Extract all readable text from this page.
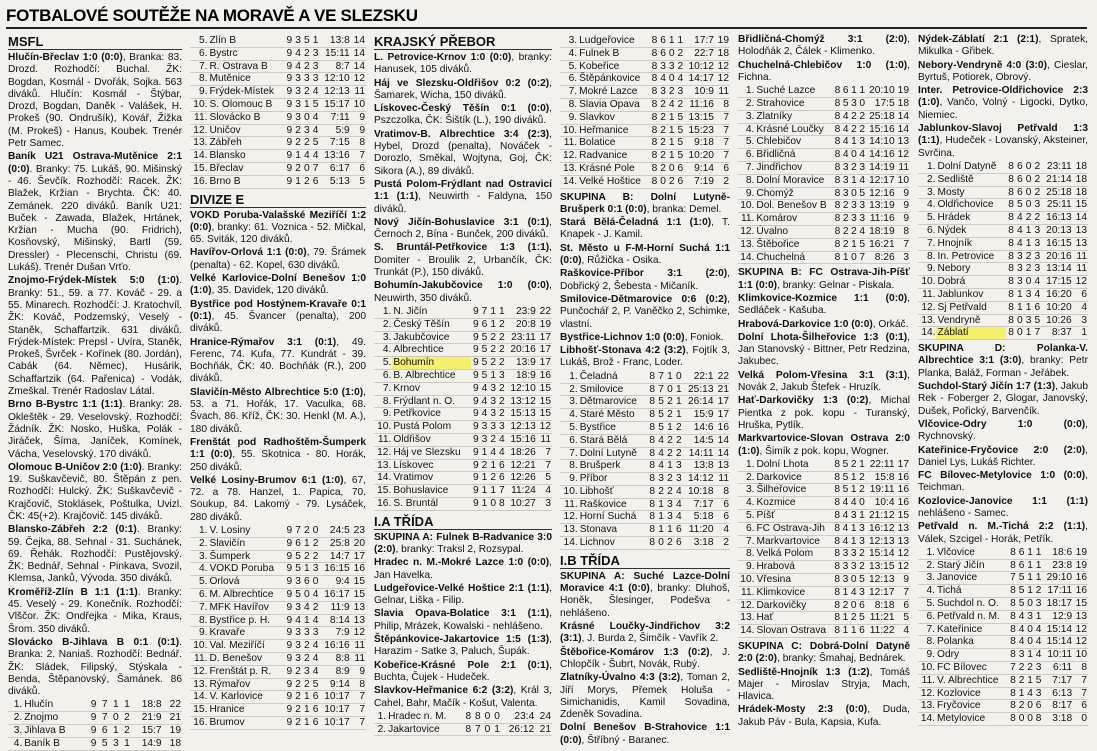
FOTBALOVÉ SOUTĚŽE NA MORAVĚ A VE SLEZSKU
MSFL

Hlučín-Břeclav 1:0 (0:0), Branka: 83. Drozd. Rozhodčí: Buchal. ŽK: Bogdan, Kosmál - Dvořák, Sojka. 563 diváků. Hlučín: Kosmál - Štýbar, Drozd, Bogdan, Daněk - Valášek, H. Prokeš (90. Ondrušík), Kovář, Žižka (M. Prokeš) - Hanus, Koubek. Trenér Petr Samec.

Baník U21 Ostrava-Mutěnice 2:1 (0:0). Branky: 75. Lukáš, 90. Mišinský - 46. Ševčík. Rozhodčí: Racek. ŽK: Blažek, Kržian - Brychta. ČK: 40. Zemánek. 220 diváků. Baník U21: Buček - Zawada, Blažek, Hrtánek, Kržian - Mucha (90. Fridrich), Kosňovský, Mišinský, Bartl (59. Dressler) - Plecenschi, Christu (69. Lukáš). Trenér Dušan Vrťo.

Znojmo-Frýdek-Místek 5:0 (1:0). Branky: 51., 59. a 77. Kováč - 29. a 55. Minarech. Rozhodčí: J. Kratochvíl. ŽK: Kováč, Podzemský, Veselý - Staněk, Schaffartzik. 631 diváků. Frýdek-Místek: Prepsl - Uvíra, Staněk, Prokeš, Švrček - Kořínek (80. Jordán), Cabák (64. Němec), Husárik, Schaffartzik (64. Pařenica) - Vodák, Zmeškal. Trenér Radoslav Látal.

Brno B-Bystrc 1:1 (1:1). Branky: 28. Okleštěk - 29. Veselovský. Rozhodčí: Žádník. ŽK: Nosko, Huška, Polák - Jiráček, Šíma, Janíček, Komínek, Vácha, Veselovský. 170 diváků.

Olomouc B-Uničov 2:0 (1:0). Branky: 19. Suškavčevič, 80. Štěpán z pen. Rozhodčí: Hulcký. ŽK: Suškavčevič - Krajčovič, Stoklásek, Poštulka, Uvizl. ČK: 45(+2). Krajčovič. 145 diváků.

Blansko-Zábřeh 2:2 (0:1). Branky: 59. Čejka, 88. Sehnal - 31. Suchánek, 69. Řehák. Rozhodčí: Pustějovský. ŽK: Bednář, Sehnal - Pinkava, Svozil, Klemsa, Janků, Vývoda. 350 diváků.

Kroměříž-Zlín B 1:1 (1:1). Branky: 45. Veselý - 29. Konečník. Rozhodčí: Vlščor. ŽK: Ondřejka - Mika, Kraus, Šrom. 350 diváků.

Slovácko B-Jihlava B 0:1 (0:1). Branka: 2. Naniaš. Rozhodčí: Bednář. ŽK: Sládek, Filipský, Stýskala - Benda, Štěpanovský, Šamánek. 86 diváků.

1.	Hlučín	9	7	1	1	18:8	22
2.	Znojmo	9	7	0	2	21:9	21
3.	Jihlava B	9	6	1	2	15:7	19
4.	Baník B	9	5	3	1	14:9	18
5.	Zlín B	9	3	5	1	13:8	14
6.	Bystrc	9	4	2	3	15:11	14
7.	R. Ostrava B	9	4	2	3	8:7	14
8.	Mutěnice	9	3	3	3	12:10	12
9.	Frýdek-Místek	9	3	2	4	12:13	11
10.	S. Olomouc B	9	3	1	5	15:17	10
11.	Slovácko B	9	3	0	4	7:11	9
12.	Uničov	9	2	3	4	5:9	9
13.	Zábřeh	9	2	2	5	7:15	8
14.	Blansko	9	1	4	4	13:16	7
15.	Břeclav	9	2	0	7	6:17	6
16.	Brno B	9	1	2	6	5:13	5
DIVIZE E

VOKD Poruba-Valašské Meziříčí 1:2 (0:0), branky: 61. Voznica - 52. Mičkal, 65. Sviták, 120 diváků.

Havířov-Orlová 1:1 (0:0), 79. Šrámek (penalta) - 62. Kopel, 630 diváků.

Velké Karlovice-Dolní Benešov 1:0 (1:0), 35. Davidek, 120 diváků.

Bystřice pod Hostýnem-Kravaře 0:1 (0:1), 45. Švancer (penalta), 200 diváků.

Hranice-Rýmařov 3:1 (0:1), 49. Ferenc, 74. Kufa, 77. Kundrát - 39. Bochňák, ČK: 40. Bochňák (R.), 200 diváků.

Slavičín-Město Albrechtice 5:0 (1:0), 53. a 71. Hořák, 17. Vaculka, 68. Švach, 86. Kříž, ČK: 30. Henkl (M. A.), 180 diváků.

Frenštát pod Radhoštěm-Šumperk 1:1 (0:0), 55. Skotnica - 80. Horák, 250 diváků.

Velké Losiny-Brumov 6:1 (1:0), 67, 72. a 78. Hanzel, 1. Papica, 70. Soukup, 84. Lakomý - 79. Lysáček, 280 diváků.

1.	V. Losiny	9	7	2	0	24:5	23
2.	Slavičín	9	6	1	2	25:8	20
3.	Šumperk	9	5	2	2	14:7	17
4.	VOKD Poruba	9	5	1	3	16:15	16
5.	Orlová	9	3	6	0	9:4	15
6.	M. Albrechtice	9	5	0	4	16:17	15
7.	MFK Havířov	9	3	4	2	11:9	13
8.	Bystřice p. H.	9	4	1	4	8:14	13
9.	Kravaře	9	3	3	3	7:9	12
10.	Val. Meziříčí	9	3	2	4	16:16	11
11.	D. Benešov	9	3	2	4	8:8	11
12.	Frenštát p. R.	9	2	3	4	8:9	9
13.	Rýmařov	9	2	2	5	9:14	8
14.	V. Karlovice	9	2	1	6	10:17	7
15.	Hranice	9	2	1	6	10:17	7
16.	Brumov	9	2	1	6	10:17	7
KRAJSKÝ PŘEBOR

L. Petrovice-Krnov 1:0 (0:0), branky: Hanusek, 105 diváků.

Háj ve Slezsku-Oldřišov 0:2 (0:2), Šamarek, Wicha, 150 diváků.

Lískovec-Český Těšín 0:1 (0:0), Pszczolka, ČK: Šištík (L.), 190 diváků.

Vratimov-B. Albrechtice 3:4 (2:3), Hybel, Drozd (penalta), Nováček - Dorozlo, Směkal, Wojtyna, Goj, ČK: Sikora (A.), 89 diváků.

Pustá Polom-Frýdlant nad Ostravicí 1:1 (1:1), Neuwirth - Faldyna, 150 diváků.

Nový Jičín-Bohuslavice 3:1 (0:1), Černoch 2, Bína - Bunček, 200 diváků.

S. Bruntál-Petřkovice 1:3 (1:1), Domiter - Broulik 2, Urbančík, ČK: Trunkát (P.), 150 diváků.

Bohumín-Jakubčovice 1:0 (0:0), Neuwirth, 350 diváků.

1.	N. Jičín	9	7	1	1	23:9	22
2.	Český Těšín	9	6	1	2	20:8	19
3.	Jakubčovice	9	5	2	2	23:11	17
4.	Albrechtice	9	5	2	2	20:16	17
5.	Bohumín	9	5	2	2	13:9	17
6.	B. Albrechtice	9	5	1	3	18:9	16
7.	Krnov	9	4	3	2	12:10	15
8.	Frýdlant n. O.	9	4	3	2	13:12	15
9.	Petřkovice	9	4	3	2	15:13	15
10.	Pustá Polom	9	3	3	3	12:13	12
11.	Oldřišov	9	3	2	4	15:16	11
12.	Háj ve Slezsku	9	1	4	4	18:26	7
13.	Lískovec	9	2	1	6	12:21	7
14.	Vratimov	9	1	2	6	12:26	5
15.	Bohuslavice	9	1	1	7	11:24	4
16.	S. Bruntál	9	1	0	8	10:27	3
I.A TŘÍDA

SKUPINA A: Fulnek B-Radvanice 3:0 (2:0), branky: Traksl 2, Rozsypal.

Hradec n. M.-Mokré Lazce 1:0 (0:0), Jan Havelka.

Ludgeřovice-Velké Hoštice 2:1 (1:1), Gelnar, Liška - Filip.

Slavia Opava-Bolatice 3:1 (1:1), Philip, Mrázek, Kowalski - nehlášeno.

Štěpánkovice-Jakartovice 1:5 (1:3), Harazim - Satke 3, Paluch, Šupák.

Kobeřice-Krásné Pole 2:1 (0:1), Buchta, Čujek - Hudeček.

Slavkov-Heřmanice 6:2 (3:2), Král 3, Cahel, Bahr, Mačík - Košut, Valenta.

1.	Hradec n. M.	8	8	0	0	23:4	24
2.	Jakartovice	8	7	0	1	26:12	21
3.	Ludgeřovice	8	6	1	1	17:7	19
4.	Fulnek B	8	6	0	2	22:7	18
5.	Kobeřice	8	3	3	2	10:12	12
6.	Štěpánkovice	8	4	0	4	14:17	12
7.	Mokré Lazce	8	3	2	3	10:9	11
8.	Slavia Opava	8	2	4	2	11:16	8
9.	Slavkov	8	2	1	5	13:15	7
10.	Heřmanice	8	2	1	5	15:23	7
11.	Bolatice	8	2	1	5	9:18	7
12.	Radvanice	8	2	1	5	10:20	7
13.	Krásné Pole	8	2	0	6	9:14	6
14.	Velké Hoštice	8	0	2	6	7:19	2

SKUPINA B: Dolní Lutyně-Brušperk 0:1 (0:0), branka: Demel.

Stará Bělá-Čeladná 1:1 (1:0), T. Knapek - J. Kamil.

St. Město u F-M-Horní Suchá 1:1 (0:0), Růžička - Osika.

Raškovice-Příbor 3:1 (2:0), Dobřický 2, Šebesta - Mičaník.

Smilovice-Dětmarovice 0:6 (0:2), Punčochář 2, P. Vaněčko 2, Schimke, vlastní.

Bystřice-Lichnov 1:0 (0:0), Foniok.

Libhošť-Stonava 4:2 (3:2), Fojtík 3, Lukáš, Brož - Franc, Loder.

1.	Čeladná	8	7	1	0	22:1	22
2.	Smilovice	8	7	0	1	25:13	21
3.	Dětmarovice	8	5	2	1	26:14	17
4.	Staré Město	8	5	2	1	15:9	17
5.	Bystřice	8	5	1	2	14:6	16
6.	Stará Bělá	8	4	2	2	14:5	14
7.	Dolní Lutyně	8	4	2	2	14:11	14
8.	Brušperk	8	4	1	3	13:8	13
9.	Příbor	8	3	2	3	14:12	11
10.	Libhošť	8	2	2	4	10:18	8
11.	Raškovice	8	1	3	4	7:17	6
12.	Horní Suchá	8	1	3	4	5:18	6
13.	Stonava	8	1	1	6	11:20	4
14.	Lichnov	8	0	2	6	3:18	2
I.B TŘÍDA

SKUPINA A: Suché Lazce-Dolní Moravice 4:1 (0:0), branky: Dluhoš, Honěk, Šlesinger, Podešva - nehlášeno.

Krásné Loučky-Jindřichov 3:2 (3:1), J. Burda 2, Šimčík - Vavřík 2.

Štěbořice-Komárov 1:3 (0:2), J. Chlopčík - Šubrt, Novák, Rubý.

Zlatníky-Úvalno 4:3 (3:2), Toman 2, Jiří Morys, Přemek Holuša - Simichanidis, Kamil Sovadina, Zdeněk Sovadina.

Dolní Benešov B-Strahovice 1:1 (0:0), Štříbný - Baranec.

Břidličná-Chomýž 3:1 (2:0), Holodňák 2, Čálek - Klimenko.

Chuchelná-Chlebičov 1:0 (1:0), Fichna.

1.	Suché Lazce	8	6	1	1	20:10	19
2.	Strahovice	8	5	3	0	17:5	18
3.	Zlatníky	8	4	2	2	25:18	14
4.	Krásné Loučky	8	4	2	2	15:16	14
5.	Chlebičov	8	4	1	3	14:10	13
6.	Břidličná	8	4	0	4	14:16	12
7.	Jindřichov	8	3	2	3	14:19	11
8.	Dolní Moravice	8	3	1	4	12:17	10
9.	Chomýž	8	3	0	5	12:16	9
10.	Dol. Benešov B	8	2	3	3	13:19	9
11.	Komárov	8	2	3	3	11:16	9
12.	Úvalno	8	2	2	4	18:19	8
13.	Štěbořice	8	2	1	5	16:21	7
14.	Chuchelná	8	1	0	7	8:26	3

SKUPINA B: FC Ostrava-Jih-Píšť 1:1 (0:0), branky: Gelnar - Piskala.

Klimkovice-Kozmice 1:1 (0:0), Sedláček - Kašuba.

Hrabová-Darkovice 1:0 (0:0), Orkáč.

Dolní Lhota-Šilheřovice 1:3 (0:1), Jan Stanovský - Bittner, Petr Redzina, Jakubec.

Velká Polom-Vřesina 3:1 (3:1), Novák 2, Jakub Štefek - Hruzík.

Hať-Darkovičky 1:3 (0:2), Michal Pientka z pok. kopu - Turanský, Hruška, Pytlík.

Markvartovice-Slovan Ostrava 2:0 (1:0), Šimík z pok. kopu, Wogner.

1.	Dolní Lhota	8	5	2	1	22:11	17
2.	Darkovice	8	5	1	2	15:8	16
3.	Šilheřovice	8	5	1	2	19:11	16
4.	Kozmice	8	4	4	0	10:4	16
5.	Píšť	8	4	3	1	21:12	15
6.	FC Ostrava-Jih	8	4	1	3	16:12	13
7.	Markvartovice	8	4	1	3	12:13	13
8.	Velká Polom	8	3	3	2	15:14	12
9.	Hrabová	8	3	3	2	13:15	12
10.	Vřesina	8	3	0	5	12:13	9
11.	Klimkovice	8	1	4	3	12:17	7
12.	Darkovičky	8	2	0	6	8:18	6
13.	Hať	8	1	2	5	11:21	5
14.	Slovan Ostrava	8	1	1	6	11:22	4

SKUPINA C: Dobrá-Dolní Datyně 2:0 (2:0), branky: Šmahaj, Bednárek.

Sedliště-Hnojník 1:3 (1:2), Tomáš Majer - Miroslav Stryja, Mach, Hlavica.

Hrádek-Mosty 2:3 (0:0), Duda, Jakub Páv - Bula, Kapsia, Kufa.

Nýdek-Záblatí 2:1 (2:1), Spratek, Mikulka - Gřibek.

Nebory-Vendryně 4:0 (3:0), Cieslar, Byrtuš, Potiorek, Obrový.

Inter. Petrovice-Oldřichovice 2:3 (1:0), Vančo, Volný - Ligocki, Dytko, Niemiec.

Jablunkov-Slavoj Petřvald 1:3 (1:1), Hudeček - Lovanský, Aksteiner, Svrčina.

1.	Dolní Datyně	8	6	0	2	23:11	18
2.	Sedliště	8	6	0	2	21:14	18
3.	Mosty	8	6	0	2	25:18	18
4.	Oldřichovice	8	5	0	3	25:11	15
5.	Hrádek	8	4	2	2	16:13	14
6.	Nýdek	8	4	1	3	20:13	13
7.	Hnojník	8	4	1	3	16:15	13
8.	In. Petrovice	8	3	2	3	20:16	11
9.	Nebory	8	3	2	3	13:14	11
10.	Dobrá	8	3	0	4	17:15	12
11.	Jablunkov	8	1	3	4	16:20	6
12.	Sj Petřvald	8	1	1	6	10:20	4
13.	Vendryně	8	0	3	5	10:26	3
14.	Záblatí	8	0	1	7	8:37	1

SKUPINA D: Polanka-V. Albrechtice 3:1 (3:0), branky: Petr Planka, Baláž, Forman - Jeřábek.

Suchdol-Starý Jičín 1:7 (1:3), Jakub Rek - Foberger 2, Glogar, Janovský, Dušek, Pořický, Barvenčík.

Vlčovice-Odry 1:0 (0:0), Rychnovský.

Kateřinice-Fryčovice 2:0 (2:0), Daniel Lys, Lukáš Richter.

FC Bílovec-Metylovice 1:0 (0:0), Teichman.

Kozlovice-Janovice 1:1 (1:1) nehlášeno - Samec.

Petřvald n. M.-Tichá 2:2 (1:1), Válek, Szcigel - Horák, Petřík.

1.	Vlčovice	8	6	1	1	18:6	19
2.	Starý Jičín	8	6	1	1	23:8	19
3.	Janovice	7	5	1	1	29:10	16
4.	Tichá	8	5	1	2	17:11	16
5.	Suchdol n. O.	8	5	0	3	18:17	15
6.	Petřvald n. M.	8	4	3	1	12:9	13
7.	Kateřinice	8	4	0	4	15:14	12
8.	Polanka	8	4	0	4	15:14	12
9.	Odry	8	3	1	4	10:11	10
10.	FC Bílovec	7	2	2	3	6:11	8
11.	V. Albrechtice	8	2	1	5	7:17	7
12.	Kozlovice	8	1	4	3	6:13	7
13.	Fryčovice	8	2	0	6	8:17	6
14.	Metylovice	8	0	0	8	3:18	0
